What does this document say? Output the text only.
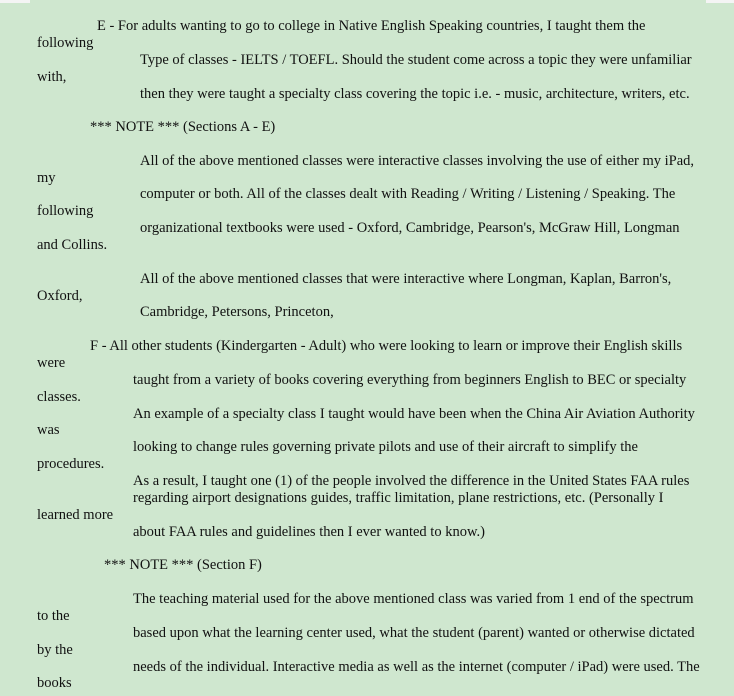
E - For adults wanting to go to college in Native English Speaking countries, I taught them the
following
Type of classes - IELTS / TOEFL. Should the student come across a topic they were unfamiliar
with,
then they were taught a specialty class covering the topic i.e. - music, architecture, writers, etc.
*** NOTE *** (Sections A - E)
All of the above mentioned classes were interactive classes involving the use of either my iPad,
my
computer or both. All of the classes dealt with Reading / Writing / Listening / Speaking. The
following
organizational textbooks were used - Oxford, Cambridge, Pearson's, McGraw Hill, Longman
and Collins.
All of the above mentioned classes that were interactive where Longman, Kaplan, Barron's,
Oxford,
Cambridge, Petersons, Princeton,
F - All other students (Kindergarten - Adult) who were looking to learn or improve their English skills
were
taught from a variety of books covering everything from beginners English to BEC or specialty
classes.
An example of a specialty class I taught would have been when the China Air Aviation Authority
was
looking to change rules governing private pilots and use of their aircraft to simplify the
procedures.
As a result, I taught one (1) of the people involved the difference in the United States FAA rules
regarding airport designations guides, traffic limitation, plane restrictions, etc. (Personally I
learned more
about FAA rules and guidelines then I ever wanted to know.)
*** NOTE *** (Section F)
The teaching material used for the above mentioned class was varied from 1 end of the spectrum
to the
based upon what the learning center used, what the student (parent) wanted or otherwise dictated
by the
needs of the individual. Interactive media as well as the internet (computer / iPad) were used. The
books
